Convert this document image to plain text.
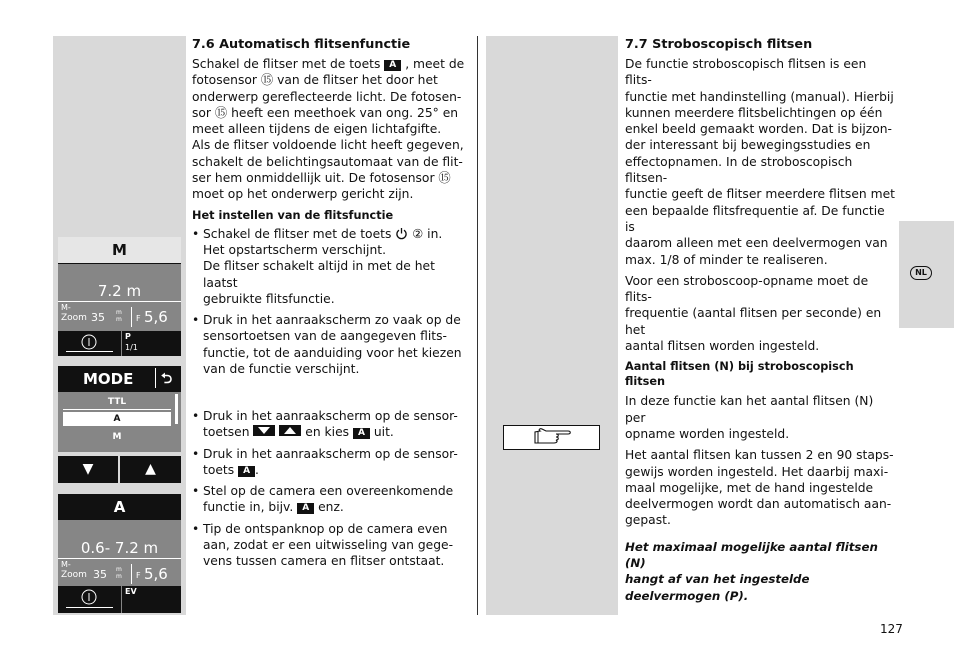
7.6 Automatisch flitsenfunctie

Schakel de flitser met de toets A , meet de

fotosensor ⑮ van de flitser het door het

onderwerp gereflecteerde licht. De fotosen-

sor ⑮ heeft een meethoek van ong. 25° en

meet alleen tijdens de eigen lichtafgifte.

Als de flitser voldoende licht heeft gegeven,

schakelt de belichtingsautomaat van de flit-

ser hem onmiddellijk uit. De fotosensor ⑮

moet op het onderwerp gericht zijn.

Het instellen van de flitsfunctie
• Schakel de flitser met de toets ② in.
Het opstartscherm verschijnt.
De flitser schakelt altijd in met de het laatst
gebruikte flitsfunctie.
• Druk in het aanraakscherm zo vaak op de
sensortoetsen van de aangegeven flits-
functie, tot de aanduiding voor het kiezen
van de functie verschijnt.
• Druk in het aanraakscherm op de sensor-
toetsen
	en kies A uit.
• Druk in het aanraakscherm op de sensor-
toets A .
• Stel op de camera een overeenkomende
functie in, bijv. A enz.
• Tip de ontspanknop op de camera even
aan, zodat er een uitwisseling van gege-
vens tussen camera en flitser ontstaat.
M
7.2 m
M-
Zoom 35	m
m F 5,6
P
1/1
MODE ⮌
TTL
A
M
▼	▲
A
0.6- 7.2 m
M-
Zoom 35	m
m F 5,6
EV
7.7 Stroboscopisch flitsen

De functie stroboscopisch flitsen is een flits-

functie met handinstelling (manual). Hierbij

kunnen meerdere flitsbelichtingen op één

enkel beeld gemaakt worden. Dat is bijzon-

der interessant bij bewegingsstudies en

effectopnamen. In de stroboscopisch flitsen-

functie geeft de flitser meerdere flitsen met

een bepaalde flitsfrequentie af. De functie is

daarom alleen met een deelvermogen van

max. 1/8 of minder te realiseren.

Voor een stroboscoop-opname moet de flits-

frequentie (aantal flitsen per seconde) en het

aantal flitsen worden ingesteld.

Aantal flitsen (N) bij stroboscopisch flitsen

In deze functie kan het aantal flitsen (N) per

opname worden ingesteld.

Het aantal flitsen kan tussen 2 en 90 staps-

gewijs worden ingesteld. Het daarbij maxi-

maal mogelijke, met de hand ingestelde

deelvermogen wordt dan automatisch aan-

gepast.

Het maximaal mogelijke aantal flitsen (N)

hangt af van het ingestelde deelvermogen (P).

NL
127
